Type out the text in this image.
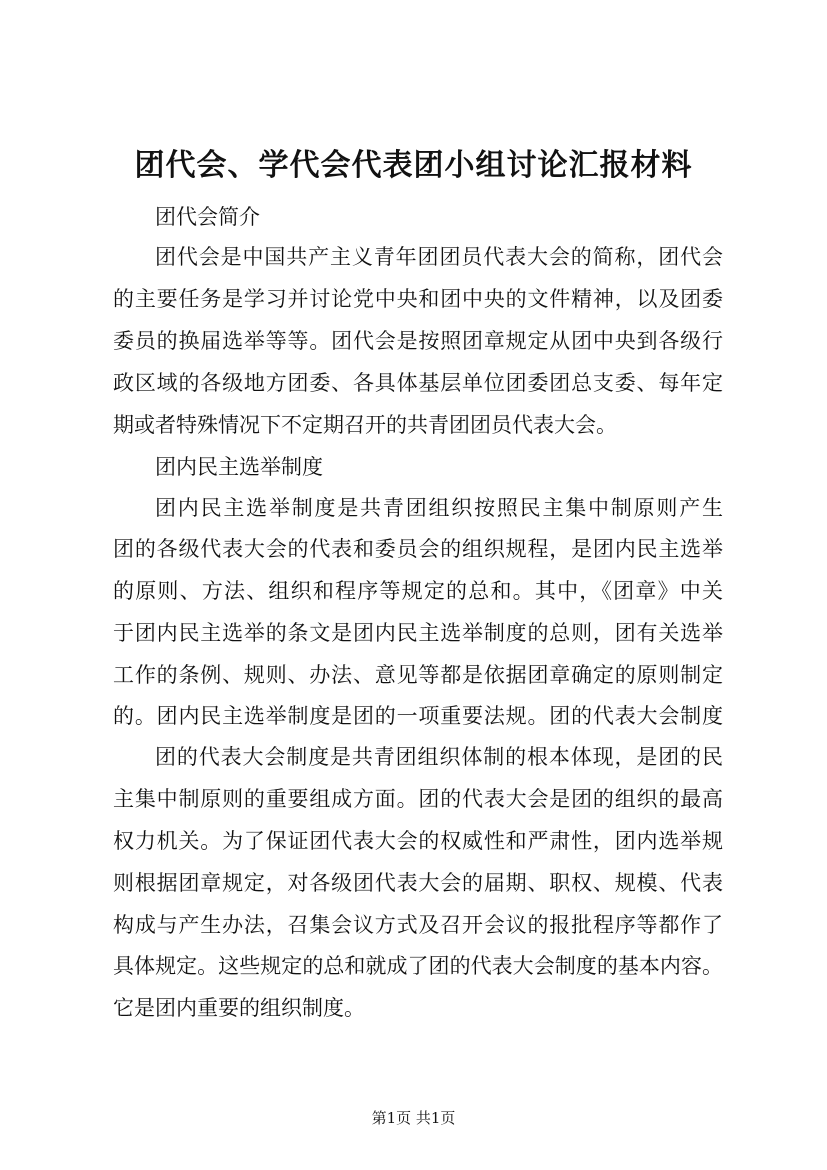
团代会、学代会代表团小组讨论汇报材料
团代会简介
团代会是中国共产主义青年团团员代表大会的简称，团代会
的主要任务是学习并讨论党中央和团中央的文件精神，以及团委
委员的换届选举等等。团代会是按照团章规定从团中央到各级行
政区域的各级地方团委、各具体基层单位团委团总支委、每年定
期或者特殊情况下不定期召开的共青团团员代表大会。
团内民主选举制度
团内民主选举制度是共青团组织按照民主集中制原则产生
团的各级代表大会的代表和委员会的组织规程，是团内民主选举
的原则、方法、组织和程序等规定的总和。其中，《团章》中关
于团内民主选举的条文是团内民主选举制度的总则，团有关选举
工作的条例、规则、办法、意见等都是依据团章确定的原则制定
的。团内民主选举制度是团的一项重要法规。团的代表大会制度
团的代表大会制度是共青团组织体制的根本体现，是团的民
主集中制原则的重要组成方面。团的代表大会是团的组织的最高
权力机关。为了保证团代表大会的权威性和严肃性，团内选举规
则根据团章规定，对各级团代表大会的届期、职权、规模、代表
构成与产生办法，召集会议方式及召开会议的报批程序等都作了
具体规定。这些规定的总和就成了团的代表大会制度的基本内容。
它是团内重要的组织制度。
第1页 共1页
